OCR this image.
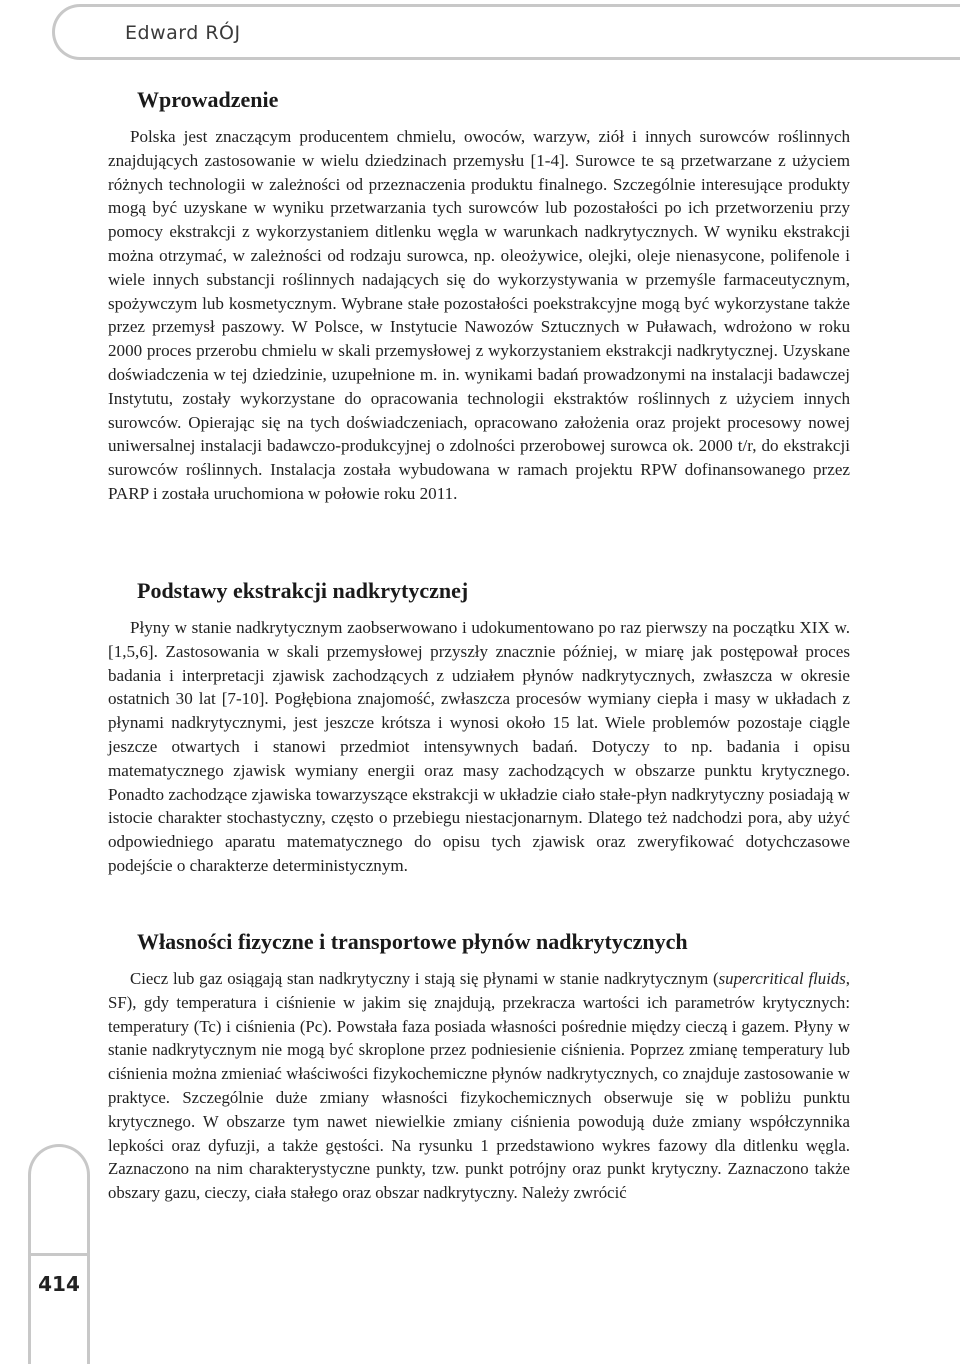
Edward RÓJ
Wprowadzenie

Polska jest znaczącym producentem chmielu, owoców, warzyw, ziół i innych surowców roślinnych znajdujących zastosowanie w wielu dziedzinach przemysłu [1-4]. Surowce te są przetwarzane z użyciem różnych technologii w zależności od przeznaczenia produktu finalnego. Szczególnie interesujące produkty mogą być uzyskane w wyniku przetwarzania tych surowców lub pozostałości po ich przetworzeniu przy pomocy ekstrakcji z wykorzystaniem ditlenku węgla w warunkach nadkrytycznych. W wyniku ekstrakcji można otrzymać, w zależności od rodzaju surowca, np. oleożywice, olejki, oleje nienasycone, polifenole i wiele innych substancji roślinnych nadających się do wykorzystywania w przemyśle farmaceutycznym, spożywczym lub kosmetycznym. Wybrane stałe pozostałości poekstrakcyjne mogą być wykorzystane także przez przemysł paszowy. W Polsce, w Instytucie Nawozów Sztucznych w Puławach, wdrożono w roku 2000 proces przerobu chmielu w skali przemysłowej z wykorzystaniem ekstrakcji nadkrytycznej. Uzyskane doświadczenia w tej dziedzinie, uzupełnione m. in. wynikami badań prowadzonymi na instalacji badawczej Instytutu, zostały wykorzystane do opracowania technologii ekstraktów roślinnych z użyciem innych surowców. Opierając się na tych doświadczeniach, opracowano założenia oraz projekt procesowy nowej uniwersalnej instalacji badawczo-produkcyjnej o zdolności przerobowej surowca ok. 2000 t/r, do ekstrakcji surowców roślinnych. Instalacja została wybudowana w ramach projektu RPW dofinansowanego przez PARP i została uruchomiona w połowie roku 2011.

Podstawy ekstrakcji nadkrytycznej

Płyny w stanie nadkrytycznym zaobserwowano i udokumentowano po raz pierwszy na początku XIX w. [1,5,6]. Zastosowania w skali przemysłowej przyszły znacznie później, w miarę jak postępował proces badania i interpretacji zjawisk zachodzących z udziałem płynów nadkrytycznych, zwłaszcza w okresie ostatnich 30 lat [7-10]. Pogłębiona znajomość, zwłaszcza procesów wymiany ciepła i masy w układach z płynami nadkrytycznymi, jest jeszcze krótsza i wynosi około 15 lat. Wiele problemów pozostaje ciągle jeszcze otwartych i stanowi przedmiot intensywnych badań. Dotyczy to np. badania i opisu matematycznego zjawisk wymiany energii oraz masy zachodzących w obszarze punktu krytycznego. Ponadto zachodzące zjawiska towarzyszące ekstrakcji w układzie ciało stałe-płyn nadkrytyczny posiadają w istocie charakter stochastyczny, często o przebiegu niestacjonarnym. Dlatego też nadchodzi pora, aby użyć odpowiedniego aparatu matematycznego do opisu tych zjawisk oraz zweryfikować dotychczasowe podejście o charakterze deterministycznym.

Własności fizyczne i transportowe płynów nadkrytycznych

Ciecz lub gaz osiągają stan nadkrytyczny i stają się płynami w stanie nadkrytycznym (supercritical fluids, SF), gdy temperatura i ciśnienie w jakim się znajdują, przekracza wartości ich parametrów krytycznych: temperatury (Tc) i ciśnienia (Pc). Powstała faza posiada własności pośrednie między cieczą i gazem. Płyny w stanie nadkrytycznym nie mogą być skroplone przez podniesienie ciśnienia. Poprzez zmianę temperatury lub ciśnienia można zmieniać właściwości fizykochemiczne płynów nadkrytycznych, co znajduje zastosowanie w praktyce. Szczególnie duże zmiany własności fizykochemicznych obserwuje się w pobliżu punktu krytycznego. W obszarze tym nawet niewielkie zmiany ciśnienia powodują duże zmiany współczynnika lepkości oraz dyfuzji, a także gęstości. Na rysunku 1 przedstawiono wykres fazowy dla ditlenku węgla. Zaznaczono na nim charakterystyczne punkty, tzw. punkt potrójny oraz punkt krytyczny. Zaznaczono także obszary gazu, cieczy, ciała stałego oraz obszar nadkrytyczny. Należy zwrócić

414
